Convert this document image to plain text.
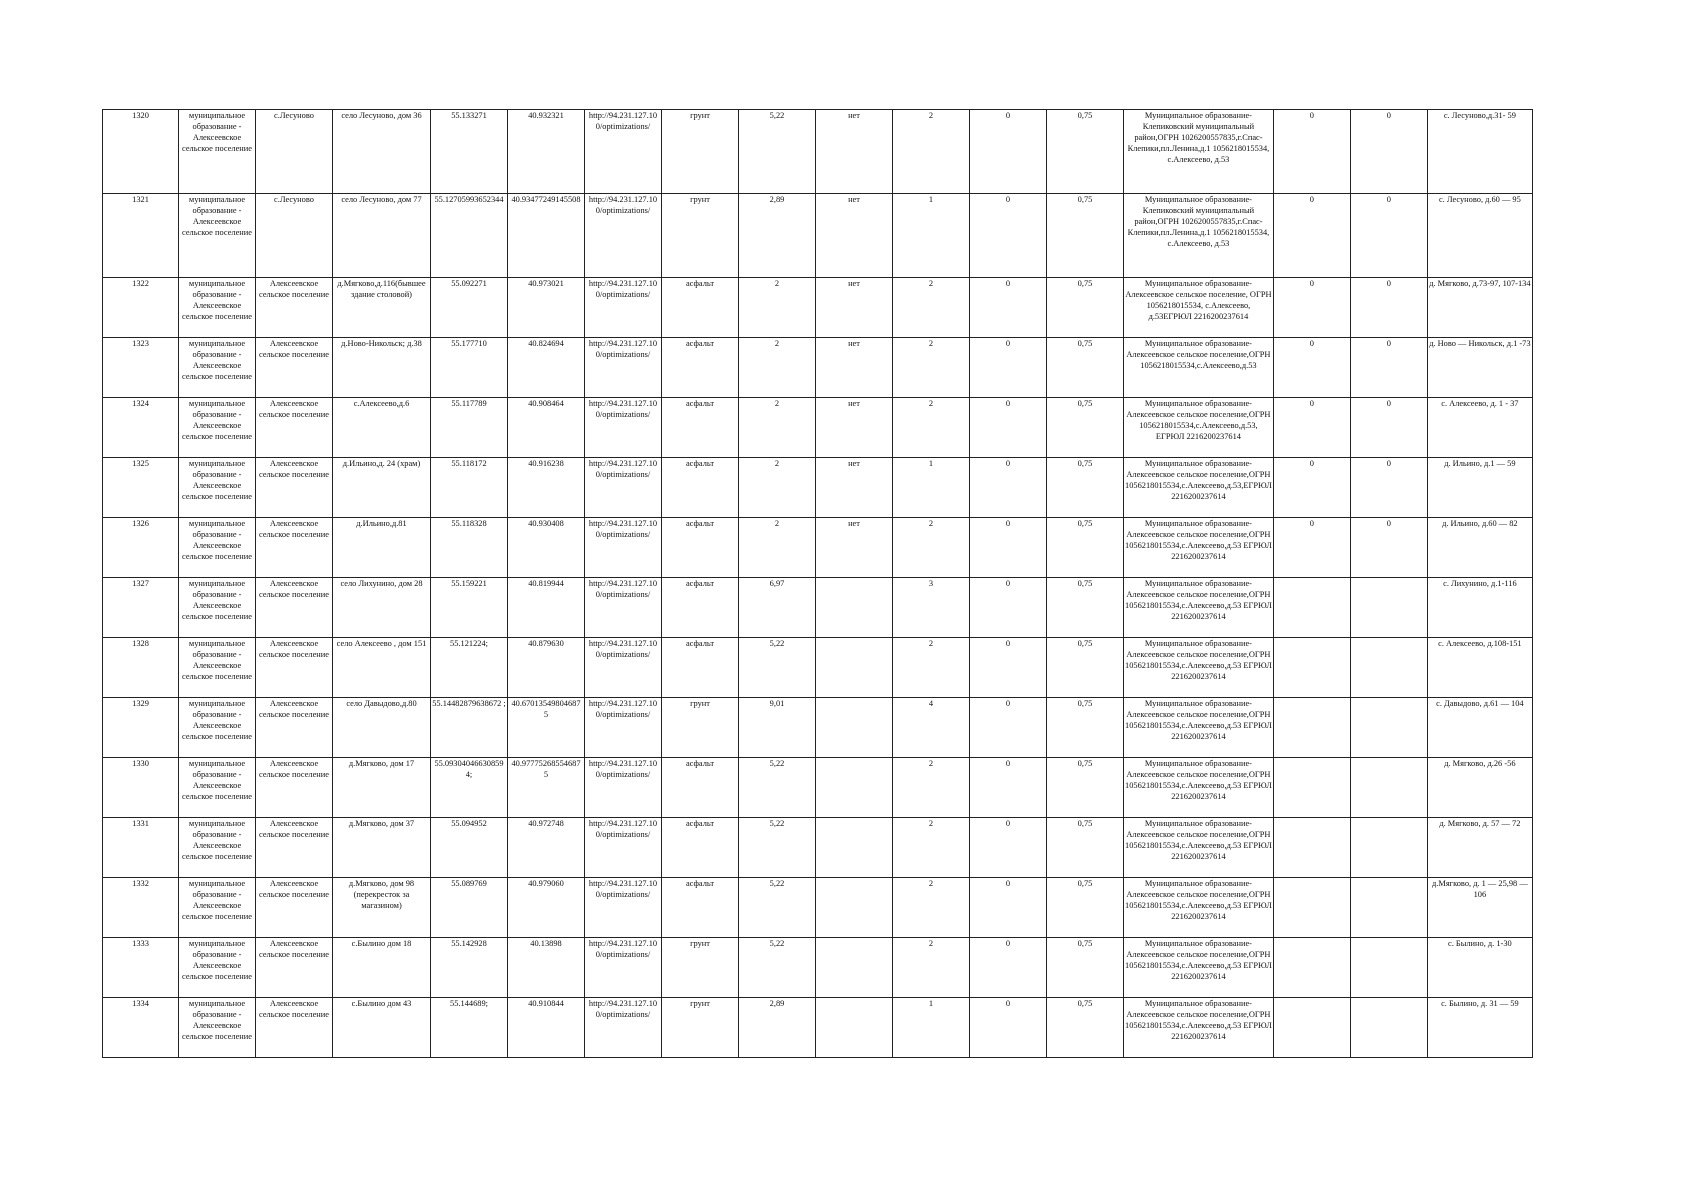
1320	муниципальное образование - Алексеевское сельское поселение	с.Лесуново	село Лесуново, дом 36	55.133271	40.932321	http://94.231.127.10 0/optimizations/	грунт	5,22	нет	2	0	0,75	Муниципальное образование-Клепиковский муниципальный район,ОГРН 1026200557835,г.Спас-Клепики,пл.Ленина,д.1 1056218015534, с.Алексеево, д.53	0	0	с. Лесуново,д.31- 59
1321	муниципальное образование - Алексеевское сельское поселение	с.Лесуново	село Лесуново, дом 77	55.12705993652344	40.93477249145508	http://94.231.127.10 0/optimizations/	грунт	2,89	нет	1	0	0,75	Муниципальное образование-Клепиковский муниципальный район,ОГРН 1026200557835,г.Спас-Клепики,пл.Ленина,д.1 1056218015534, с.Алексеево, д.53	0	0	с. Лесуново, д.60 — 95
1322	муниципальное образование - Алексеевское сельское поселение	Алексеевское сельское поселение	д.Мягково,д.116(бывшее здание столовой)	55.092271	40.973021	http://94.231.127.10 0/optimizations/	асфальт	2	нет	2	0	0,75	Муниципальное образование-Алексеевское сельское поселение, ОГРН 1056218015534, с.Алексеево, д.53ЕГРЮЛ 2216200237614	0	0	д. Мягково, д.73-97, 107-134
1323	муниципальное образование - Алексеевское сельское поселение	Алексеевское сельское поселение	д.Ново-Никольск; д.38	55.177710	40.824694	http://94.231.127.10 0/optimizations/	асфальт	2	нет	2	0	0,75	Муниципальное образование-Алексеевское сельское поселение,ОГРН 1056218015534,с.Алексеево,д.53	0	0	д. Ново — Никольск, д.1 -73
1324	муниципальное образование - Алексеевское сельское поселение	Алексеевское сельское поселение	с.Алексеево,д.6	55.117789	40.908464	http://94.231.127.10 0/optimizations/	асфальт	2	нет	2	0	0,75	Муниципальное образование-Алексеевское сельское поселение,ОГРН 1056218015534,с.Алексеево,д.53, ЕГРЮЛ 2216200237614	0	0	с. Алексеево, д. 1 - 37
1325	муниципальное образование - Алексеевское сельское поселение	Алексеевское сельское поселение	д.Ильино,д. 24 (храм)	55.118172	40.916238	http://94.231.127.10 0/optimizations/	асфальт	2	нет	1	0	0,75	Муниципальное образование-Алексеевское сельское поселение,ОГРН 1056218015534,с.Алексеево,д.53,ЕГРЮЛ 2216200237614	0	0	д. Ильино, д.1 — 59
1326	муниципальное образование - Алексеевское сельское поселение	Алексеевское сельское поселение	д.Ильино,д.81	55.118328	40.930408	http://94.231.127.10 0/optimizations/	асфальт	2	нет	2	0	0,75	Муниципальное образование-Алексеевское сельское поселение,ОГРН 1056218015534,с.Алексеево,д.53 ЕГРЮЛ 2216200237614	0	0	д. Ильино, д.60 — 82
1327	муниципальное образование - Алексеевское сельское поселение	Алексеевское сельское поселение	село Лихунино, дом 28	55.159221	40.819944	http://94.231.127.10 0/optimizations/	асфальт	6,97		3	0	0,75	Муниципальное образование-Алексеевское сельское поселение,ОГРН 1056218015534,с.Алексеево,д.53 ЕГРЮЛ 2216200237614			с. Лихунино, д.1-116
1328	муниципальное образование - Алексеевское сельское поселение	Алексеевское сельское поселение	село Алексеево , дом 151	55.121224;	40.879630	http://94.231.127.10 0/optimizations/	асфальт	5,22		2	0	0,75	Муниципальное образование-Алексеевское сельское поселение,ОГРН 1056218015534,с.Алексеево,д.53 ЕГРЮЛ 2216200237614			с. Алексеево, д.108-151
1329	муниципальное образование - Алексеевское сельское поселение	Алексеевское сельское поселение	село Давыдово,д.80	55.14482879638672 ;	40.67013549804687 5	http://94.231.127.10 0/optimizations/	грунт	9,01		4	0	0,75	Муниципальное образование-Алексеевское сельское поселение,ОГРН 1056218015534,с.Алексеево,д.53 ЕГРЮЛ 2216200237614			с. Давыдово, д.61 — 104
1330	муниципальное образование - Алексеевское сельское поселение	Алексеевское сельское поселение	д.Мягково, дом 17	55.09304046630859 4;	40.97775268554687 5	http://94.231.127.10 0/optimizations/	асфальт	5,22		2	0	0,75	Муниципальное образование-Алексеевское сельское поселение,ОГРН 1056218015534,с.Алексеево,д.53 ЕГРЮЛ 2216200237614			д. Мягково, д.26 -56
1331	муниципальное образование - Алексеевское сельское поселение	Алексеевское сельское поселение	д.Мягково, дом 37	55.094952	40.972748	http://94.231.127.10 0/optimizations/	асфальт	5,22		2	0	0,75	Муниципальное образование-Алексеевское сельское поселение,ОГРН 1056218015534,с.Алексеево,д.53 ЕГРЮЛ 2216200237614			д. Мягково, д. 57 — 72
1332	муниципальное образование - Алексеевское сельское поселение	Алексеевское сельское поселение	д.Мягково, дом 98 (перекресток за магазином)	55.089769	40.979060	http://94.231.127.10 0/optimizations/	асфальт	5,22		2	0	0,75	Муниципальное образование-Алексеевское сельское поселение,ОГРН 1056218015534,с.Алексеево,д.53 ЕГРЮЛ 2216200237614			д.Мягково, д. 1 — 25,98 — 106
1333	муниципальное образование - Алексеевское сельское поселение	Алексеевское сельское поселение	с.Былино дом 18	55.142928	40.13898	http://94.231.127.10 0/optimizations/	грунт	5,22		2	0	0,75	Муниципальное образование-Алексеевское сельское поселение,ОГРН 1056218015534,с.Алексеево,д.53 ЕГРЮЛ 2216200237614			с. Былино, д. 1-30
1334	муниципальное образование - Алексеевское сельское поселение	Алексеевское сельское поселение	с.Былино дом 43	55.144689;	40.910844	http://94.231.127.10 0/optimizations/	грунт	2,89		1	0	0,75	Муниципальное образование-Алексеевское сельское поселение,ОГРН 1056218015534,с.Алексеево,д.53 ЕГРЮЛ 2216200237614			с. Былино, д. 31 — 59
